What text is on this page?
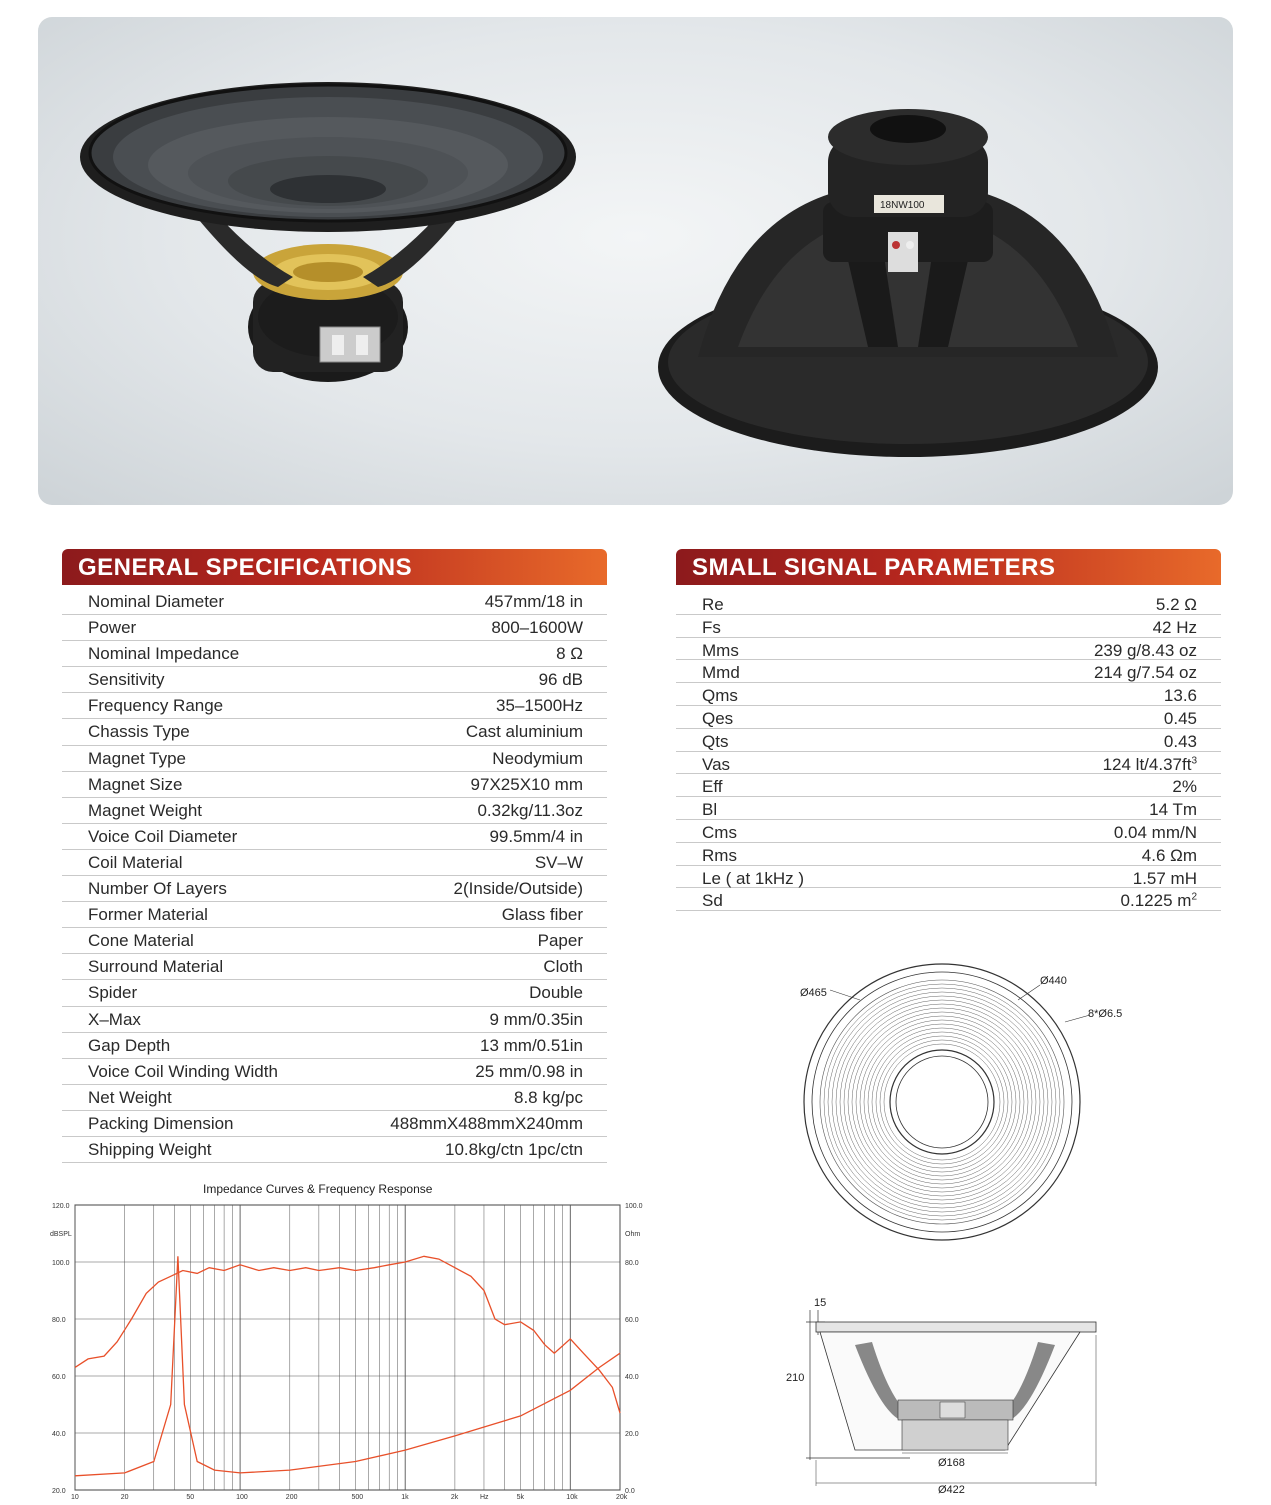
18NW100
GENERAL SPECIFICATIONS
Nominal Diameter	457mm/18 in
Power	800–1600W
Nominal Impedance	8 Ω
Sensitivity	96 dB
Frequency Range	35–1500Hz
Chassis Type	Cast aluminium
Magnet Type	Neodymium
Magnet Size	97X25X10 mm
Magnet Weight	0.32kg/11.3oz
Voice Coil Diameter	99.5mm/4 in
Coil Material	SV–W
Number Of Layers	2(Inside/Outside)
Former Material	Glass fiber
Cone Material	Paper
Surround Material	Cloth
Spider	Double
X–Max	9 mm/0.35in
Gap Depth	13 mm/0.51in
Voice Coil Winding Width	25 mm/0.98 in
Net Weight	8.8 kg/pc
Packing Dimension	488mmX488mmX240mm
Shipping Weight	10.8kg/ctn 1pc/ctn
SMALL SIGNAL PARAMETERS
Re	5.2 Ω
Fs	42 Hz
Mms	239 g/8.43 oz
Mmd	214 g/7.54 oz
Qms	13.6
Qes	0.45
Qts	0.43
Vas	124 $lt/4.37ft^3$
Eff	2%
Bl	14 Tm
Cms	0.04 mm/N
Rms	4.6 Ωm
Le ( at 1kHz )	1.57 mH
Sd	0.1225 $m^2$
Ø465
Ø440
8*Ø6.5
15
210
Ø168
Ø422
Impedance Curves & Frequency Response
dBSPL	Ohm
120.0
100.0
80.0
60.0
40.0
20.0
100.0
80.0
60.0
40.0
20.0
0.0
10	20	50	100	200	500	1k	2k	Hz	5k	10k	20k
